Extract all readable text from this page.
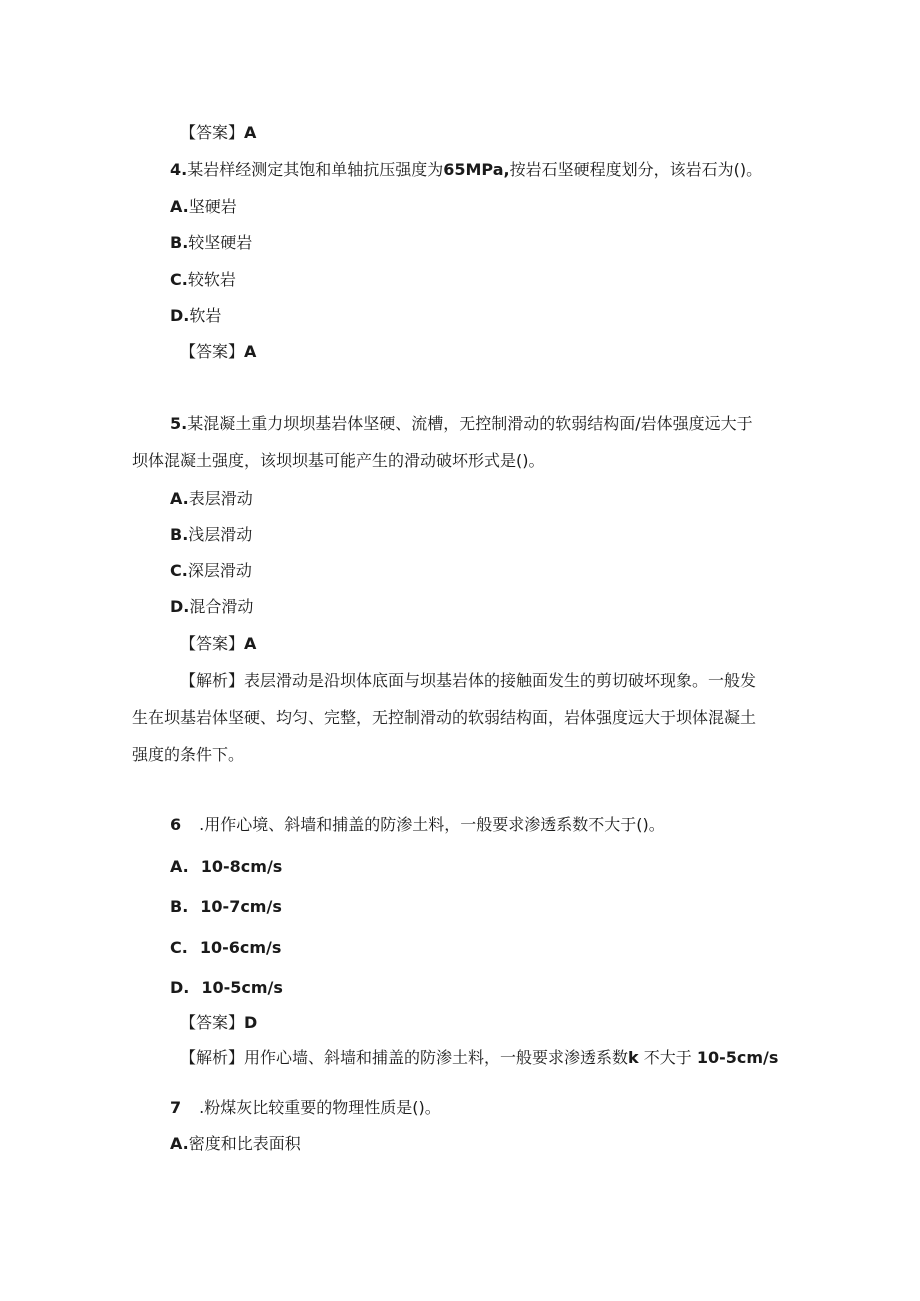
【答案】A
4.某岩样经测定其饱和单轴抗压强度为65MPa,按岩石坚硬程度划分，该岩石为()。
A.坚硬岩
B.较坚硬岩
C.较软岩
D.软岩
【答案】A
5.某混凝土重力坝坝基岩体坚硬、流槽，无控制滑动的软弱结构面/岩体强度远大于
坝体混凝土强度，该坝坝基可能产生的滑动破坏形式是()。
A.表层滑动
B.浅层滑动
C.深层滑动
D.混合滑动
【答案】A
【解析】表层滑动是沿坝体底面与坝基岩体的接触面发生的剪切破坏现象。一般发
生在坝基岩体坚硬、均匀、完整，无控制滑动的软弱结构面，岩体强度远大于坝体混凝土
强度的条件下。
6 .用作心境、斜墙和捕盖的防渗土料，一般要求渗透系数不大于()。
A. 10-8cm/s
B. 10-7cm/s
C. 10-6cm/s
D. 10-5cm/s
【答案】D
【解析】用作心墙、斜墙和捕盖的防渗土料，一般要求渗透系数k 不大于 10-5cm/s
7 .粉煤灰比较重要的物理性质是()。
A.密度和比表面积
